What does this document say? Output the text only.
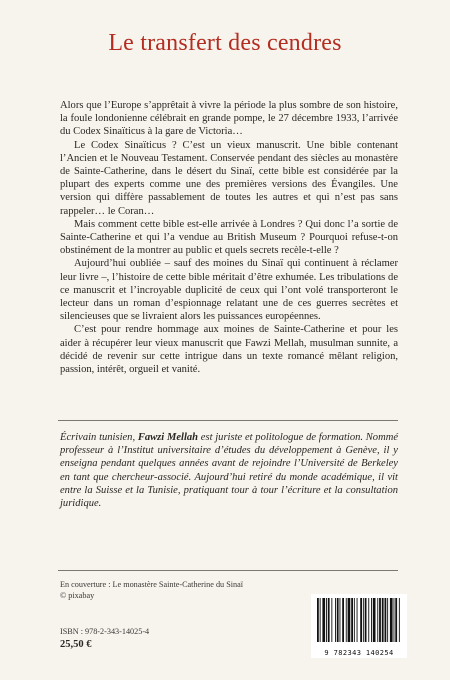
Le transfert des cendres

Alors que l’Europe s’apprêtait à vivre la période la plus sombre de son histoire, la foule londonienne célébrait en grande pompe, le 27 décembre 1933, l’arrivée du Codex Sinaïticus à la gare de Victoria…

Le Codex Sinaïticus ? C’est un vieux manuscrit. Une bible contenant l’Ancien et le Nouveau Testament. Conservée pendant des siècles au monastère de Sainte-Catherine, dans le désert du Sinaï, cette bible est considérée par la plupart des experts comme une des premières versions des Évangiles. Une version qui diffère passablement de toutes les autres et qui n’est pas sans rappeler… le Coran…

Mais comment cette bible est-elle arrivée à Londres ? Qui donc l’a sortie de Sainte-Catherine et qui l’a vendue au British Museum ? Pourquoi refuse-t-on obstinément de la montrer au public et quels secrets recèle-t-elle ?

Aujourd’hui oubliée – sauf des moines du Sinaï qui continuent à réclamer leur livre –, l’histoire de cette bible méritait d’être exhumée. Les tribulations de ce manuscrit et l’incroyable duplicité de ceux qui l’ont volé transporteront le lecteur dans un roman d’espionnage relatant une de ces guerres secrètes et silencieuses que se livraient alors les puissances européennes.

C’est pour rendre hommage aux moines de Sainte-Catherine et pour les aider à récupérer leur vieux manuscrit que Fawzi Mellah, musulman sunnite, a décidé de revenir sur cette intrigue dans un texte romancé mêlant religion, passion, intérêt, orgueil et vanité.

Écrivain tunisien, Fawzi Mellah est juriste et politologue de formation. Nommé professeur à l’Institut universitaire d’études du développement à Genève, il y enseigna pendant quelques années avant de rejoindre l’Université de Berkeley en tant que chercheur-associé. Aujourd’hui retiré du monde académique, il vit entre la Suisse et la Tunisie, pratiquant tour à tour l’écriture et la consultation juridique.
En couverture : Le monastère Sainte-Catherine du Sinaï
© pixabay
ISBN : 978-2-343-14025-4
25,50 €
9 782343 140254
